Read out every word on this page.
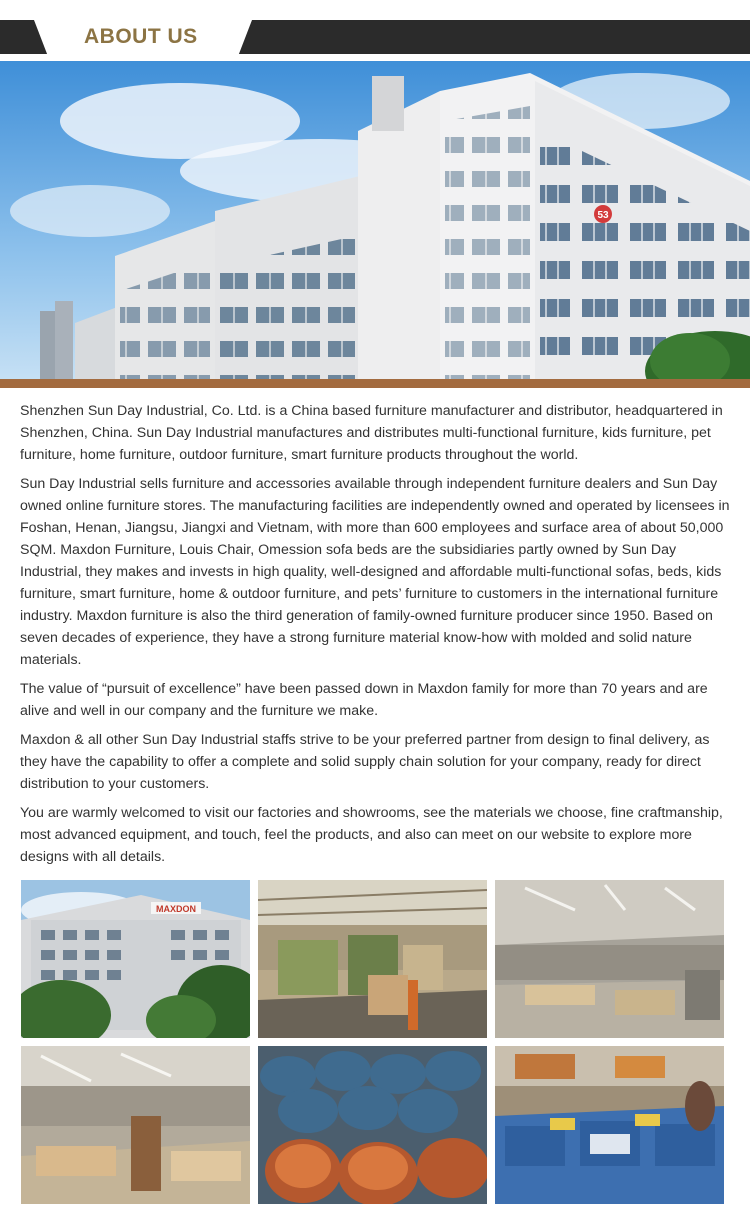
ABOUT US
53

Shenzhen Sun Day Industrial, Co. Ltd. is a China based furniture manufacturer and distributor, headquartered in Shenzhen, China. Sun Day Industrial manufactures and distributes multi-functional furniture, kids furniture, pet furniture, home furniture, outdoor furniture, smart furniture products throughout the world.

Sun Day Industrial sells furniture and accessories available through independent furniture dealers and Sun Day owned online furniture stores. The manufacturing facilities are independently owned and operated by licensees in Foshan, Henan, Jiangsu, Jiangxi and Vietnam, with more than 600 employees and surface area of about 50,000 SQM. Maxdon Furniture, Louis Chair, Omession sofa beds are the subsidiaries partly owned by Sun Day Industrial, they makes and invests in high quality, well-designed and affordable multi-functional sofas, beds, kids furniture, smart furniture, home & outdoor furniture, and pets’ furniture to customers in the international furniture industry. Maxdon furniture is also the third generation of family-owned furniture producer since 1950. Based on seven decades of experience, they have a strong furniture material know-how with molded and solid nature materials.

The value of “pursuit of excellence” have been passed down in Maxdon family for more than 70 years and are alive and well in our company and the furniture we make.

Maxdon & all other Sun Day Industrial staffs strive to be your preferred partner from design to final delivery, as they have the capability to offer a complete and solid supply chain solution for your company, ready for direct distribution to your customers.

You are warmly welcomed to visit our factories and showrooms, see the materials we choose, fine craftmanship, most advanced equipment, and touch, feel the products, and also can meet on our website to explore more designs with all details.

MAXDON
